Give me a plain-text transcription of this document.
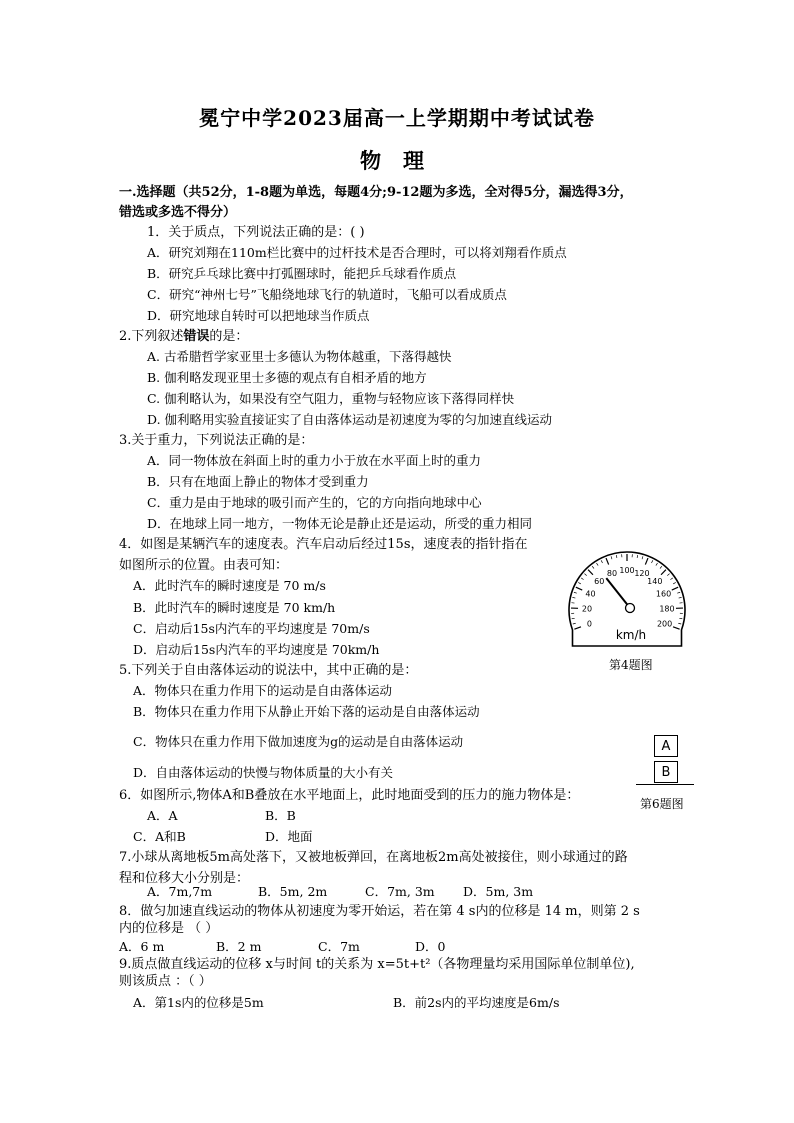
冕宁中学2023届高一上学期期中考试试卷
物理
一.选择题（共52分，1-8题为单选，每题4分;9-12题为多选，全对得5分，漏选得3分，
错选或多选不得分）
1．关于质点，下列说法正确的是：( )
A．研究刘翔在110m栏比赛中的过杆技术是否合理时，可以将刘翔看作质点
B．研究乒乓球比赛中打弧圈球时，能把乒乓球看作质点
C．研究“神州七号”飞船绕地球飞行的轨道时，飞船可以看成质点
D．研究地球自转时可以把地球当作质点
2.下列叙述错误的是：
A. 古希腊哲学家亚里士多德认为物体越重，下落得越快
B. 伽利略发现亚里士多德的观点有自相矛盾的地方
C. 伽利略认为，如果没有空气阻力，重物与轻物应该下落得同样快
D. 伽利略用实验直接证实了自由落体运动是初速度为零的匀加速直线运动
3.关于重力，下列说法正确的是：
A．同一物体放在斜面上时的重力小于放在水平面上时的重力
B．只有在地面上静止的物体才受到重力
C．重力是由于地球的吸引而产生的，它的方向指向地球中心
D．在地球上同一地方，一物体无论是静止还是运动，所受的重力相同
4．如图是某辆汽车的速度表。汽车启动后经过15s，速度表的指针指在
如图所示的位置。由表可知：
A．此时汽车的瞬时速度是 70 m/s
B．此时汽车的瞬时速度是 70 km/h
C．启动后15s内汽车的平均速度是 70m/s
D．启动后15s内汽车的平均速度是 70km/h
0
20
40
60
80 100 120
140
160
180
200
km/h
第4题图
5.下列关于自由落体运动的说法中，其中正确的是：
A．物体只在重力作用下的运动是自由落体运动
B．物体只在重力作用下从静止开始下落的运动是自由落体运动
C．物体只在重力作用下做加速度为g的运动是自由落体运动
D．自由落体运动的快慢与物体质量的大小有关
A
B
第6题图
6．如图所示,物体A和B叠放在水平地面上，此时地面受到的压力的施力物体是：
A．A	B．B
C．A和B	D．地面
7.小球从离地板5m高处落下，又被地板弹回，在离地板2m高处被接住，则小球通过的路
程和位移大小分别是：
A．7m,7m	B．5m, 2m	C．7m, 3m D．5m, 3m
8．做匀加速直线运动的物体从初速度为零开始运，若在第 4 s内的位移是 14 m，则第 2 s
内的位移是 （ ）
A．6 m	B．2 m	C．7m	D．0
9.质点做直线运动的位移 x与时间 t的关系为 x=5t+t²（各物理量均采用国际单位制单位),
则该质点 ：（ ）
A．第1s内的位移是5m	B．前2s内的平均速度是6m/s
